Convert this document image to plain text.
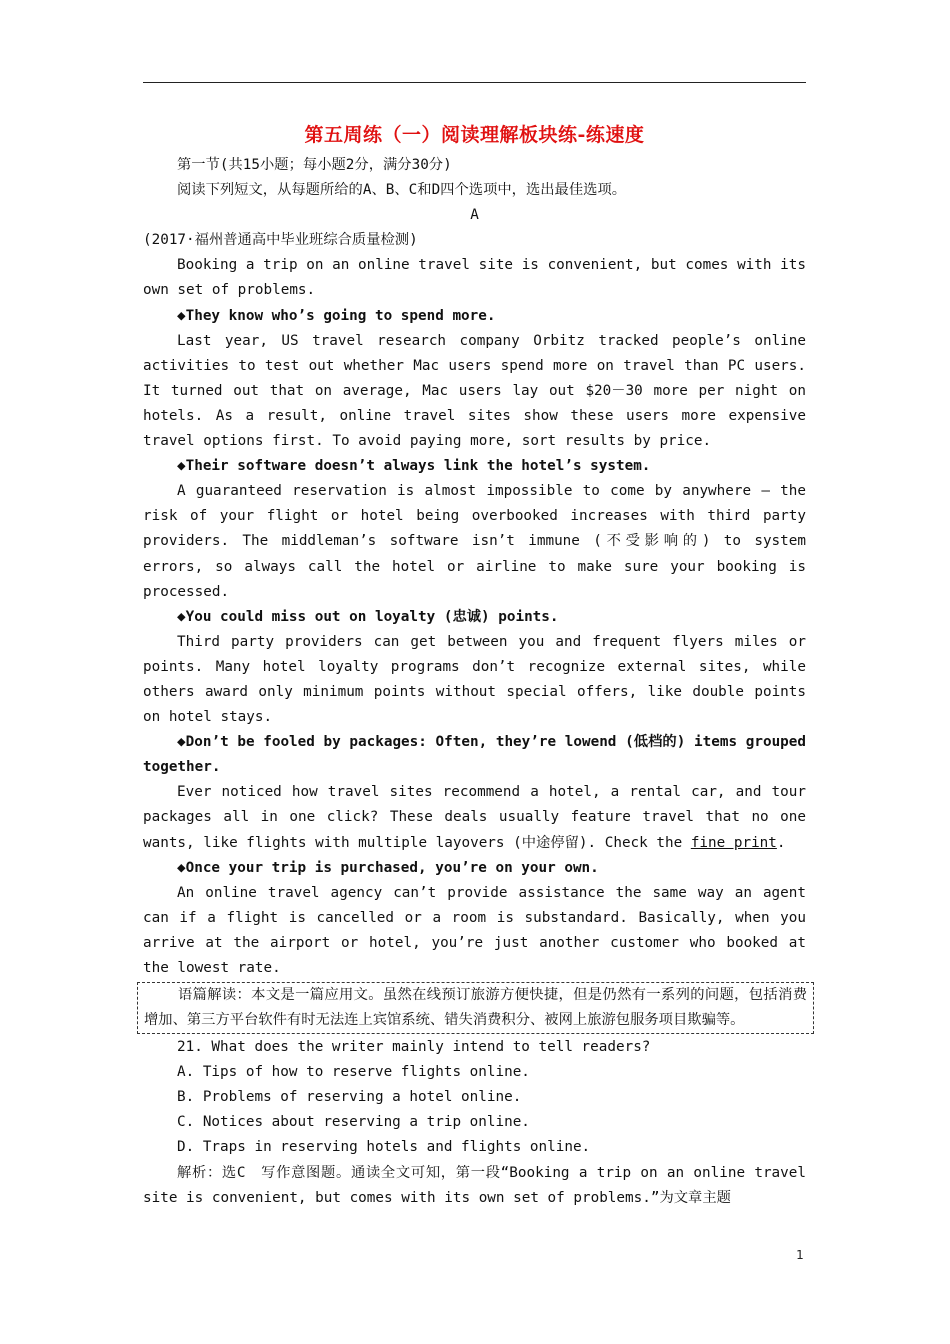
第五周练（一）阅读理解板块练-练速度

第一节(共15小题；每小题2分，满分30分)

阅读下列短文，从每题所给的A、B、C和D四个选项中，选出最佳选项。

A

(2017·福州普通高中毕业班综合质量检测)

Booking a trip on an online travel site is convenient, but comes with its own set of problems.

◆They know who’s going to spend more.

Last year, US travel research company Orbitz tracked people’s online activities to test out whether Mac users spend more on travel than PC users. It turned out that on average, Mac users lay out $20－30 more per night on hotels. As a result, online travel sites show these users more expensive travel options first. To avoid paying more, sort results by price.

◆Their software doesn’t always link the hotel’s system.

A guaranteed reservation is almost impossible to come by anywhere — the risk of your flight or hotel being overbooked increases with third party providers. The middleman’s software isn’t immune (不受影响的) to system errors, so always call the hotel or airline to make sure your booking is processed.

◆You could miss out on loyalty (忠诚) points.

Third party providers can get between you and frequent flyers miles or points. Many hotel loyalty programs don’t recognize external sites, while others award only minimum points without special offers, like double points on hotel stays.

◆Don’t be fooled by packages: Often, they’re lowend (低档的) items grouped together.

Ever noticed how travel sites recommend a hotel, a rental car, and tour packages all in one click? These deals usually feature travel that no one wants, like flights with multiple layovers (中途停留). Check the fine print.

◆Once your trip is purchased, you’re on your own.

An online travel agency can’t provide assistance the same way an agent can if a flight is cancelled or a room is substandard. Basically, when you arrive at the airport or hotel, you’re just another customer who booked at the lowest rate.

语篇解读：本文是一篇应用文。虽然在线预订旅游方便快捷，但是仍然有一系列的问题，包括消费增加、第三方平台软件有时无法连上宾馆系统、错失消费积分、被网上旅游包服务项目欺骗等。

21. What does the writer mainly intend to tell readers?

A. Tips of how to reserve flights online.

B. Problems of reserving a hotel online.

C. Notices about reserving a trip online.

D. Traps in reserving hotels and flights online.

解析：选C　写作意图题。通读全文可知，第一段“Booking a trip on an online travel site is convenient, but comes with its own set of problems.”为文章主题

1
